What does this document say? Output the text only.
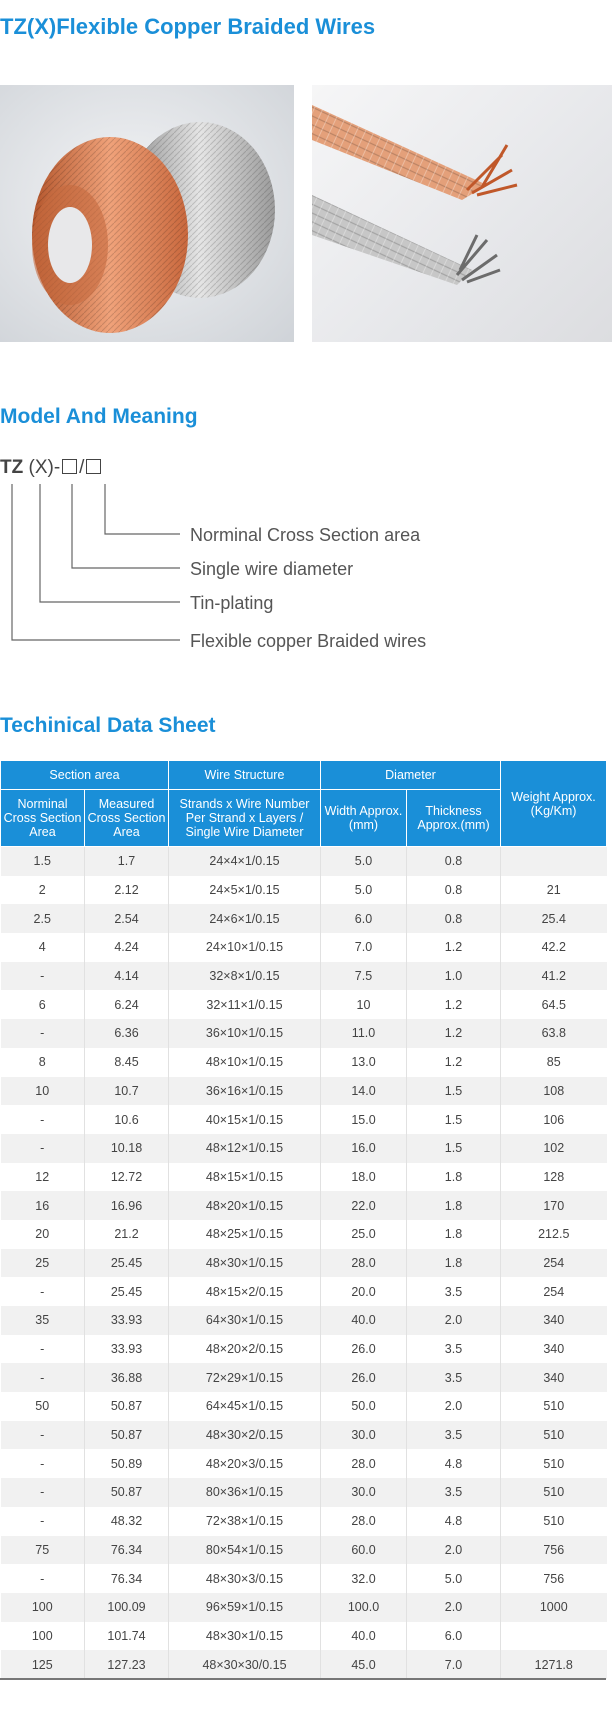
TZ(X)Flexible Copper Braided Wires
Model And Meaning
TZ (X)- /
Norminal Cross Section area
Single wire diameter
Tin-plating
Flexible copper Braided wires
Techinical Data Sheet
Section area		Wire Structure	Diameter		Weight Approx. (Kg/Km)
Norminal Cross Section Area	Measured Cross Section Area	Strands x Wire Number Per Strand x Layers / Single Wire Diameter	Width Approx.(mm)	Thickness Approx.(mm)	
1.5	1.7	24×4×1/0.15	5.0	0.8	
2	2.12	24×5×1/0.15	5.0	0.8	21
2.5	2.54	24×6×1/0.15	6.0	0.8	25.4
4	4.24	24×10×1/0.15	7.0	1.2	42.2
-	4.14	32×8×1/0.15	7.5	1.0	41.2
6	6.24	32×11×1/0.15	10	1.2	64.5
-	6.36	36×10×1/0.15	11.0	1.2	63.8
8	8.45	48×10×1/0.15	13.0	1.2	85
10	10.7	36×16×1/0.15	14.0	1.5	108
-	10.6	40×15×1/0.15	15.0	1.5	106
-	10.18	48×12×1/0.15	16.0	1.5	102
12	12.72	48×15×1/0.15	18.0	1.8	128
16	16.96	48×20×1/0.15	22.0	1.8	170
20	21.2	48×25×1/0.15	25.0	1.8	212.5
25	25.45	48×30×1/0.15	28.0	1.8	254
-	25.45	48×15×2/0.15	20.0	3.5	254
35	33.93	64×30×1/0.15	40.0	2.0	340
-	33.93	48×20×2/0.15	26.0	3.5	340
-	36.88	72×29×1/0.15	26.0	3.5	340
50	50.87	64×45×1/0.15	50.0	2.0	510
-	50.87	48×30×2/0.15	30.0	3.5	510
-	50.89	48×20×3/0.15	28.0	4.8	510
-	50.87	80×36×1/0.15	30.0	3.5	510
-	48.32	72×38×1/0.15	28.0	4.8	510
75	76.34	80×54×1/0.15	60.0	2.0	756
-	76.34	48×30×3/0.15	32.0	5.0	756
100	100.09	96×59×1/0.15	100.0	2.0	1000
100	101.74	48×30×1/0.15	40.0	6.0	
125	127.23	48×30×30/0.15	45.0	7.0	1271.8
